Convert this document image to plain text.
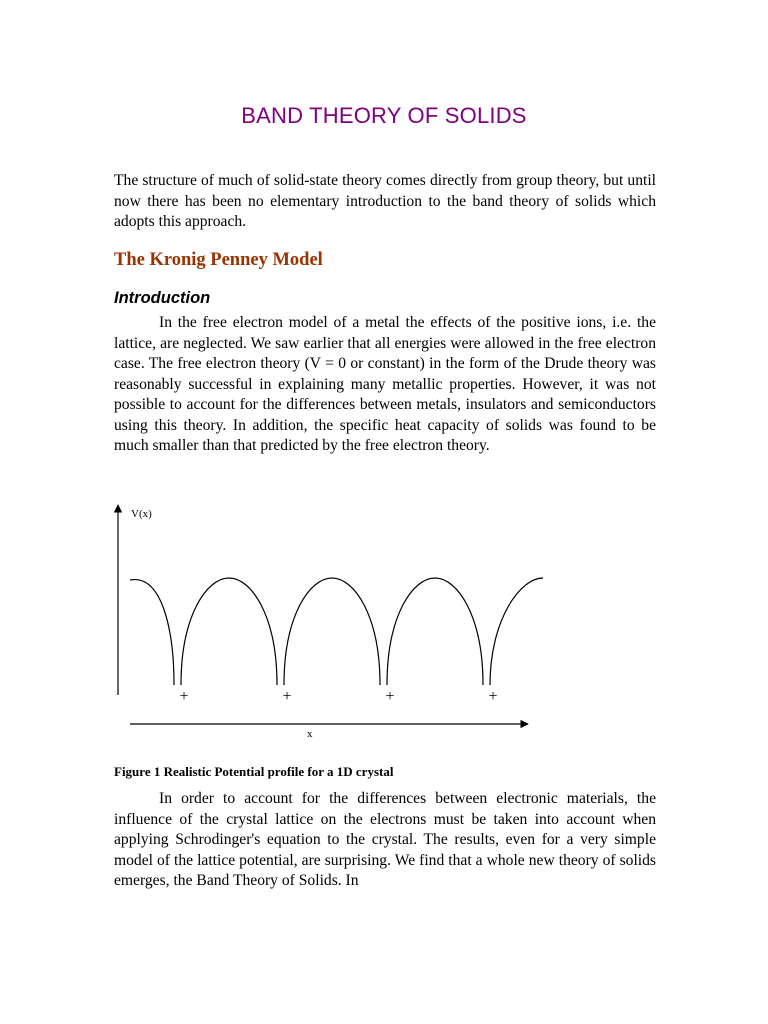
BAND THEORY OF SOLIDS

The structure of much of solid-state theory comes directly from group theory, but until now there has been no elementary introduction to the band theory of solids which adopts this approach.

The Kronig Penney Model
Introduction

In the free electron model of a metal the effects of the positive ions, i.e. the lattice, are neglected. We saw earlier that all energies were allowed in the free electron case. The free electron theory (V = 0 or constant) in the form of the Drude theory was reasonably successful in explaining many metallic properties. However, it was not possible to account for the differences between metals, insulators and semiconductors using this theory. In addition, the specific heat capacity of solids was found to be much smaller than that predicted by the free electron theory.

V(x)
x
+	+	+	+
Figure 1 Realistic Potential profile for a 1D crystal

In order to account for the differences between electronic materials, the influence of the crystal lattice on the electrons must be taken into account when applying Schrodinger's equation to the crystal. The results, even for a very simple model of the lattice potential, are surprising. We find that a whole new theory of solids emerges, the Band Theory of Solids. In
